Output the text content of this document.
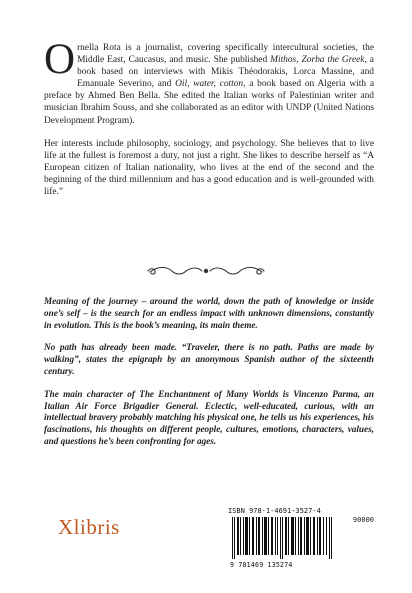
Ornella Rota is a journalist, covering specifically intercultural societies, the Middle East, Caucasus, and music. She published Mithos, Zorba the Greek, a book based on interviews with Mikis Théodorakis, Lorca Massine, and Emanuale Severino, and Oil, water, cotton, a book based on Algeria with a preface by Ahmed Ben Bella. She edited the Italian works of Palestinian writer and musician Ibrahim Souss, and she collaborated as an editor with UNDP (United Nations Development Program).

Her interests include philosophy, sociology, and psychology. She believes that to live life at the fullest is foremost a duty, not just a right. She likes to describe herself as “A European citizen of Italian nationality, who lives at the end of the second and the beginning of the third millennium and has a good education and is well-grounded with life.”

Meaning of the journey – around the world, down the path of knowledge or inside one’s self – is the search for an endless impact with unknown dimensions, constantly in evolution. This is the book’s meaning, its main theme.

No path has already been made. “Traveler, there is no path. Paths are made by walking”, states the epigraph by an anonymous Spanish author of the sixteenth century.

The main character of The Enchantment of Many Worlds is Vincenzo Parma, an Italian Air Force Brigadier General. Eclectic, well-educated, curious, with an intellectual bravery probably matching his physical one, he tells us his experiences, his fascinations, his thoughts on different people, cultures, emotions, characters, values, and questions he’s been confronting for ages.

Xlibris
ISBN 978-1-4691-3527-4
90000
9 781469 135274
